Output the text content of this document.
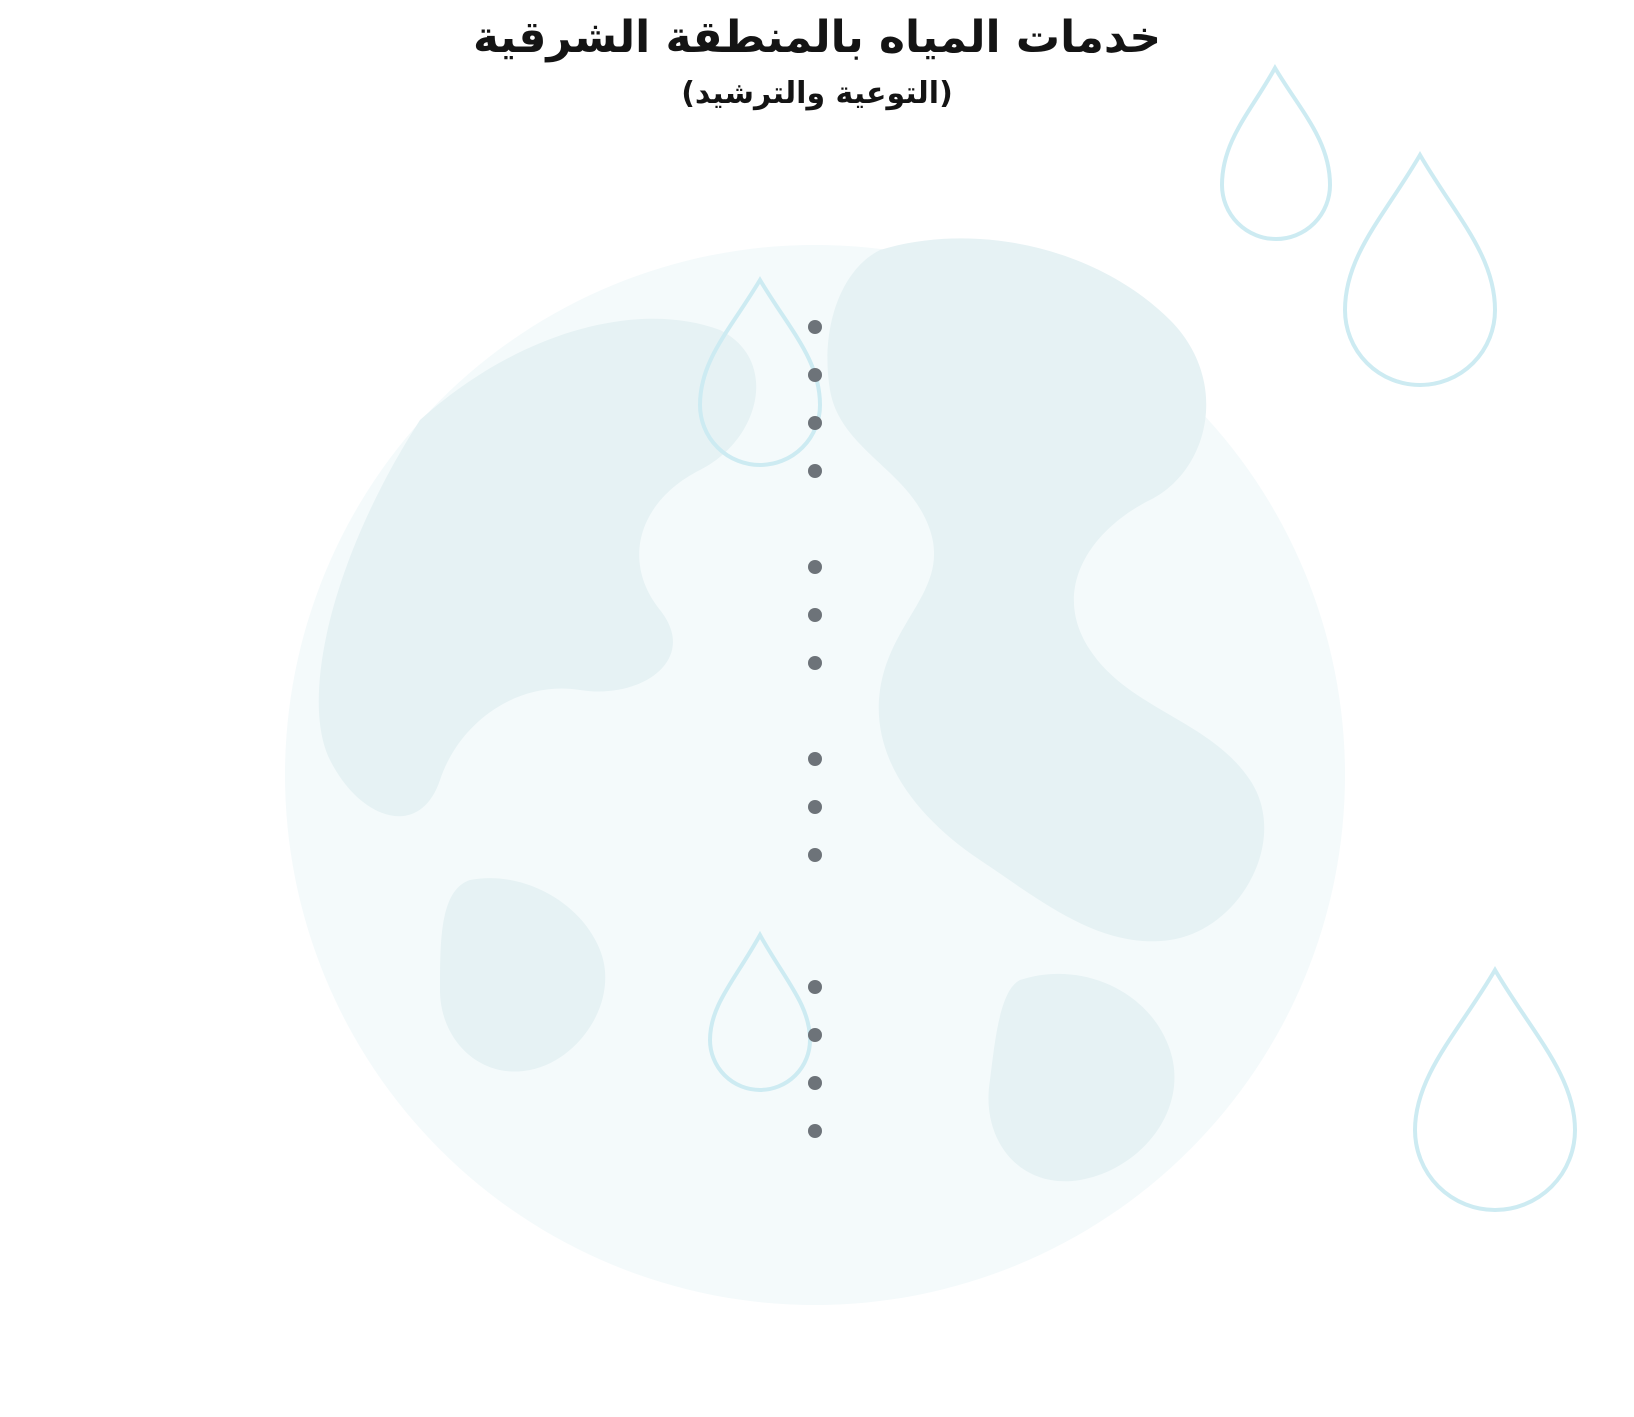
خدمات المياه بالمنطقة الشرقية
(التوعية والترشيد)
